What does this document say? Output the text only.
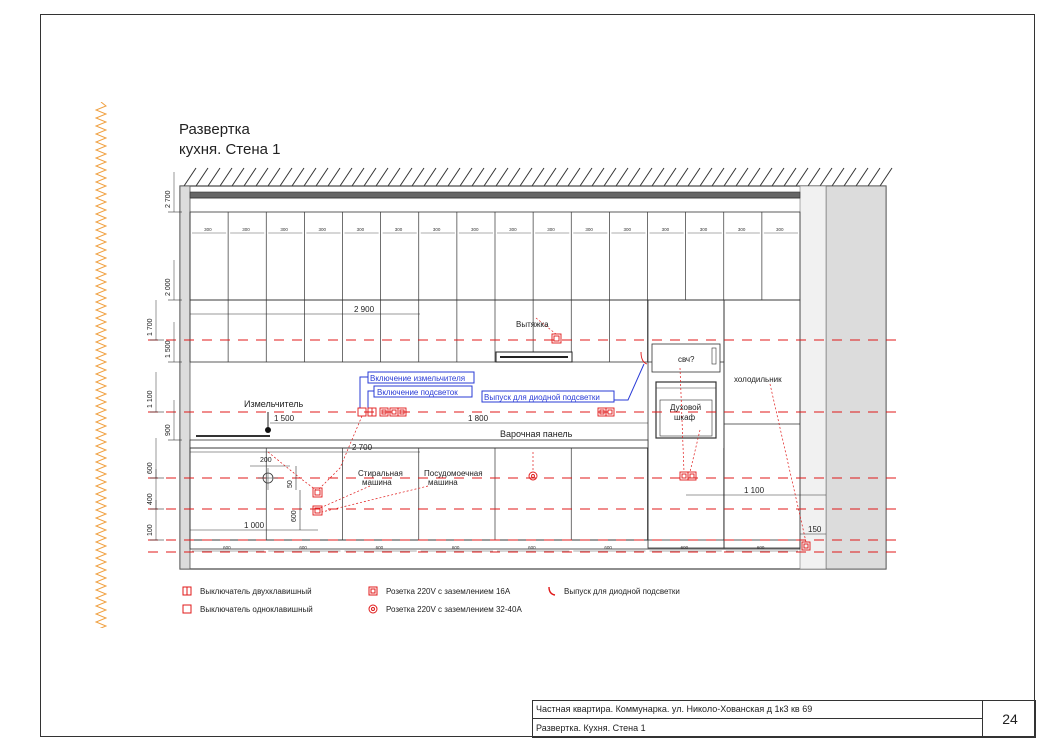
Развертка
кухня. Стена 1
2 700
2 000
1 700
1 500
1 100
900
600
400
100
300	300	300	300	300	300	300	300	300	300	300	300	300	300	300	300
600	600	600	600	600	600	600	600
Измельчитель
Вытяжка
свч?
Духовой
шкаф
холодильник
Варочная панель
Стиральная
машина
Посудомоечная
машина
Включение измельчителя
Включение подсветок
Выпуск для диодной подсветки
2 900
1 500	1 800
2 700
200
50
600
1 000
1 100
150
Выключатель двухклавишный
Выключатель одноклавишный
Розетка 220V с заземлением 16А
Розетка 220V с заземлением 32-40А
Выпуск для диодной подсветки
Частная квартира. Коммунарка. ул. Николо-Хованская д 1к3 кв 69
Развертка. Кухня. Стена 1
24
